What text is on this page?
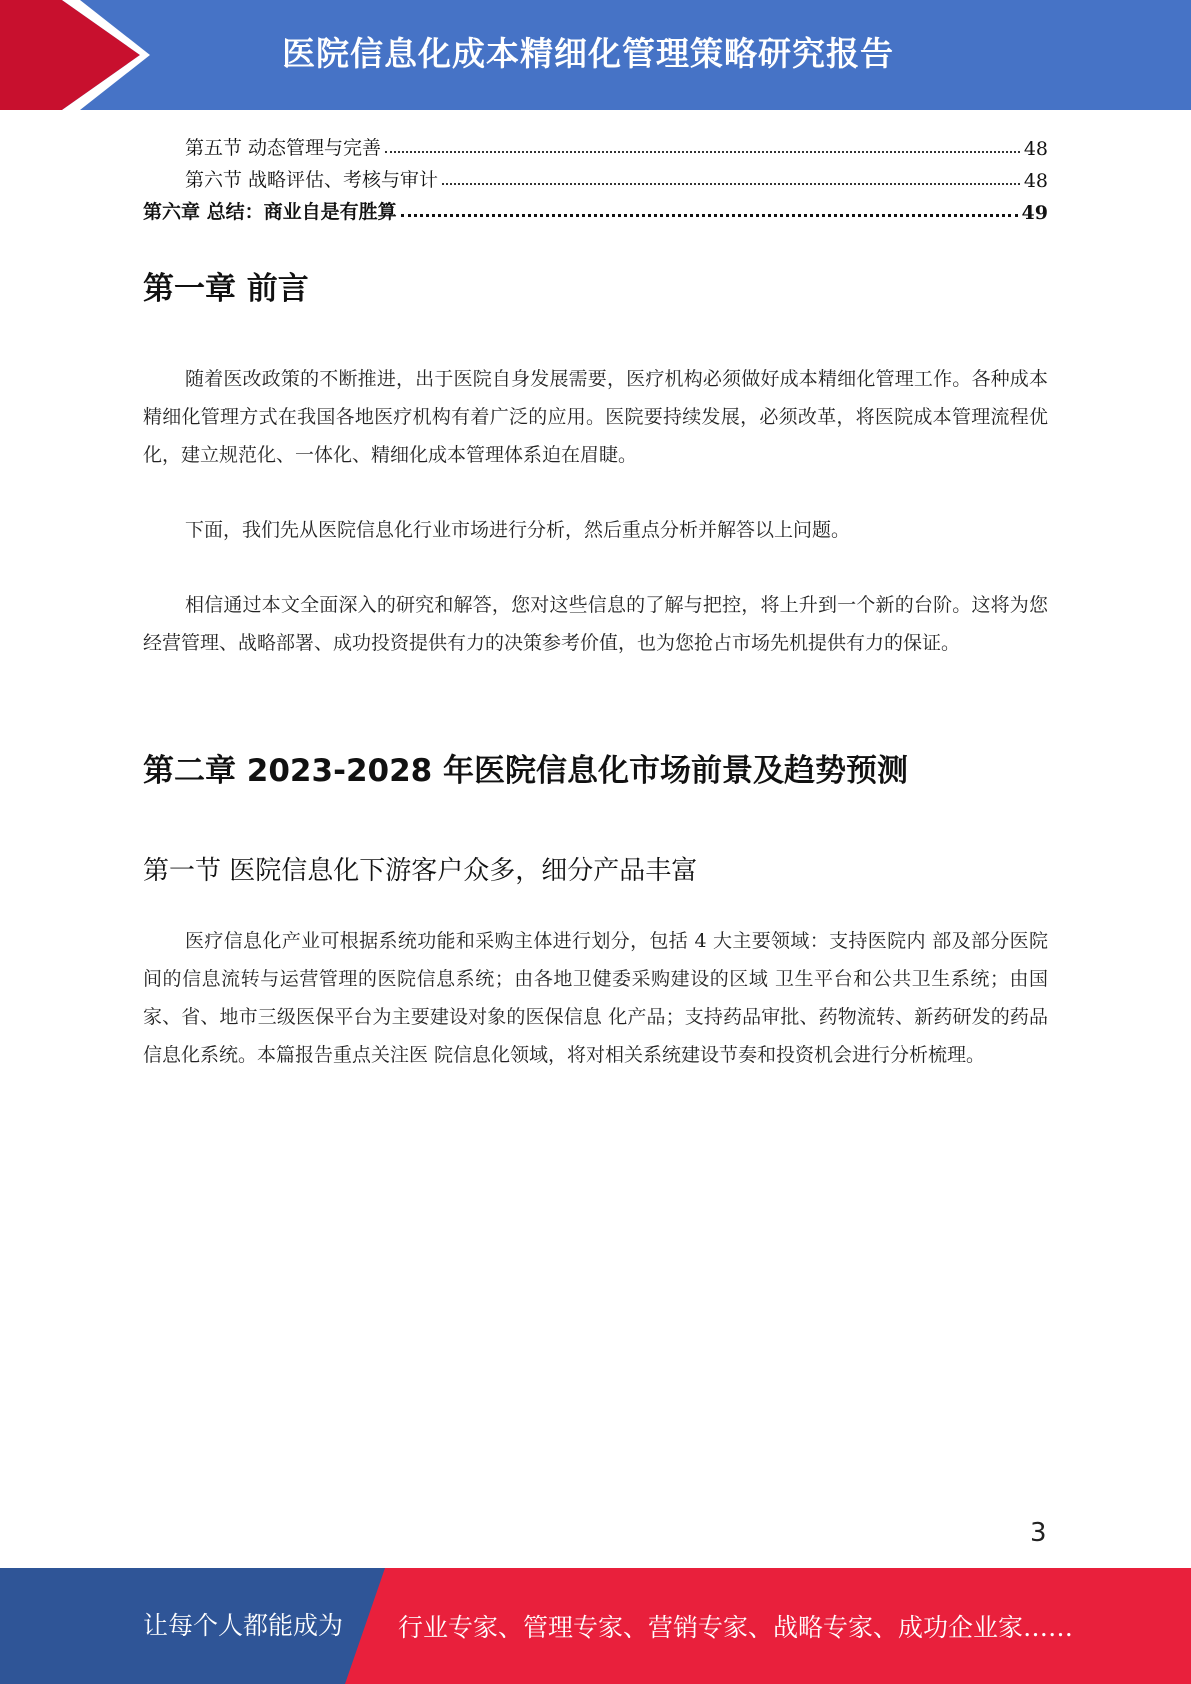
医院信息化成本精细化管理策略研究报告
第五节 动态管理与完善	48
第六节 战略评估、考核与审计	48
第六章 总结：商业自是有胜算	49
第一章 前言

随着医改政策的不断推进，出于医院自身发展需要，医疗机构必须做好成本精细化管理工作。各种成本精细化管理方式在我国各地医疗机构有着广泛的应用。医院要持续发展，必须改革，将医院成本管理流程优化，建立规范化、一体化、精细化成本管理体系迫在眉睫。

下面，我们先从医院信息化行业市场进行分析，然后重点分析并解答以上问题。

相信通过本文全面深入的研究和解答，您对这些信息的了解与把控，将上升到一个新的台阶。这将为您经营管理、战略部署、成功投资提供有力的决策参考价值，也为您抢占市场先机提供有力的保证。

第二章 2023-2028 年医院信息化市场前景及趋势预测
第一节 医院信息化下游客户众多，细分产品丰富

医疗信息化产业可根据系统功能和采购主体进行划分，包括 4 大主要领域：支持医院内 部及部分医院间的信息流转与运营管理的医院信息系统；由各地卫健委采购建设的区域 卫生平台和公共卫生系统；由国家、省、地市三级医保平台为主要建设对象的医保信息 化产品；支持药品审批、药物流转、新药研发的药品信息化系统。本篇报告重点关注医 院信息化领域，将对相关系统建设节奏和投资机会进行分析梳理。

3
让每个人都能成为 行业专家、管理专家、营销专家、战略专家、成功企业家……
